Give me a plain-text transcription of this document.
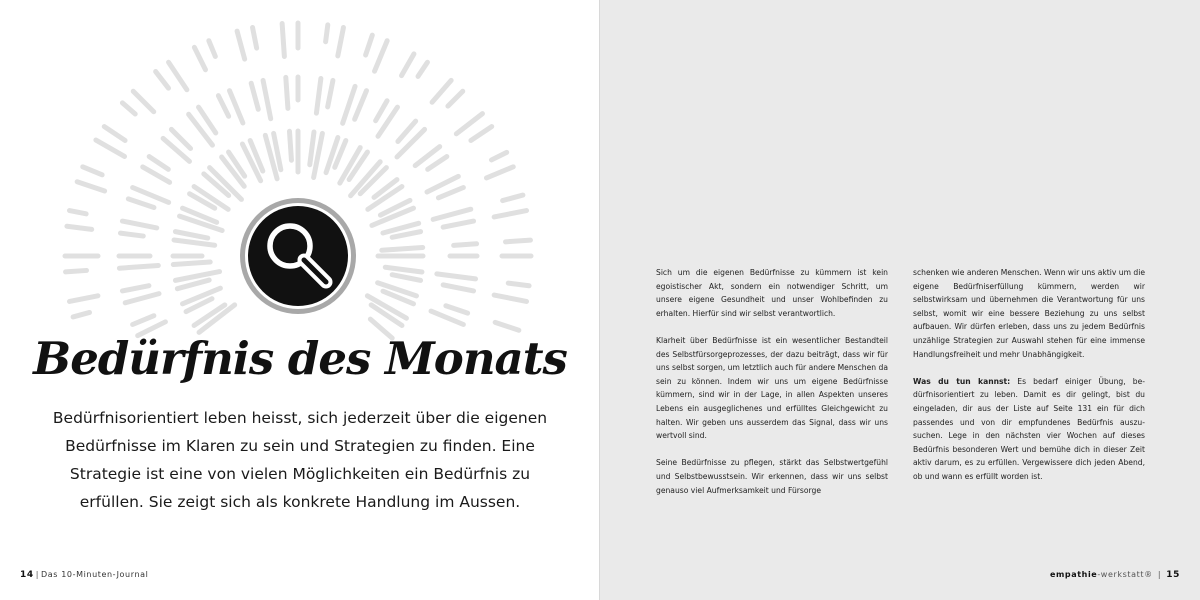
Bedürfnis des Monats

Bedürfnisorientiert leben heisst, sich jederzeit über die eigenen Bedürfnisse im Klaren zu sein und Strategien zu finden. Eine Strategie ist eine von vielen Möglichkeiten ein Bedürfnis zu erfüllen. Sie zeigt sich als konkrete Handlung im Aussen.

14 | Das 10-Minuten-Journal

Sich um die eigenen Bedürfnisse zu kümmern ist kein egoistischer Akt, sondern ein notwendiger Schritt, um unsere eigene Gesundheit und unser Wohlbefinden zu erhalten. Hierfür sind wir selbst verantwortlich.

Klarheit über Bedürfnisse ist ein wesentlicher Bestandteil des Selbstfürsorgeprozesses, der dazu beiträgt, dass wir für uns selbst sorgen, um letztlich auch für andere Menschen da sein zu können. Indem wir uns um eigene Bedürfnisse kümmern, sind wir in der Lage, in allen Aspekten unseres Lebens ein ausgeglichenes und erfülltes Gleichgewicht zu halten. Wir geben uns ausserdem das Signal, dass wir uns wertvoll sind.

Seine Bedürfnisse zu pflegen, stärkt das Selbstwertgefühl und Selbstbewusstsein. Wir erkennen, dass wir uns selbst genauso viel Aufmerksamkeit und Fürsorge

schenken wie anderen Menschen. Wenn wir uns aktiv um die eigene Bedürfniserfüllung kümmern, werden wir selbstwirksam und übernehmen die Verantwortung für uns selbst, womit wir eine bessere Beziehung zu uns selbst aufbauen. Wir dürfen erleben, dass uns zu jedem Bedürfnis unzählige Strategien zur Auswahl stehen für eine immense Handlungsfreiheit und mehr Unabhängigkeit.

Was du tun kannst: Es bedarf einiger Übung, bedürfnisorientiert zu leben. Damit es dir gelingt, bist du eingeladen, dir aus der Liste auf Seite 131 ein für dich passendes und von dir empfundenes Bedürfnis auszusuchen. Lege in den nächsten vier Wochen auf dieses Bedürfnis besonderen Wert und bemühe dich in dieser Zeit aktiv darum, es zu erfüllen. Vergewissere dich jeden Abend, ob und wann es erfüllt worden ist.

empathie-werkstatt® | 15
